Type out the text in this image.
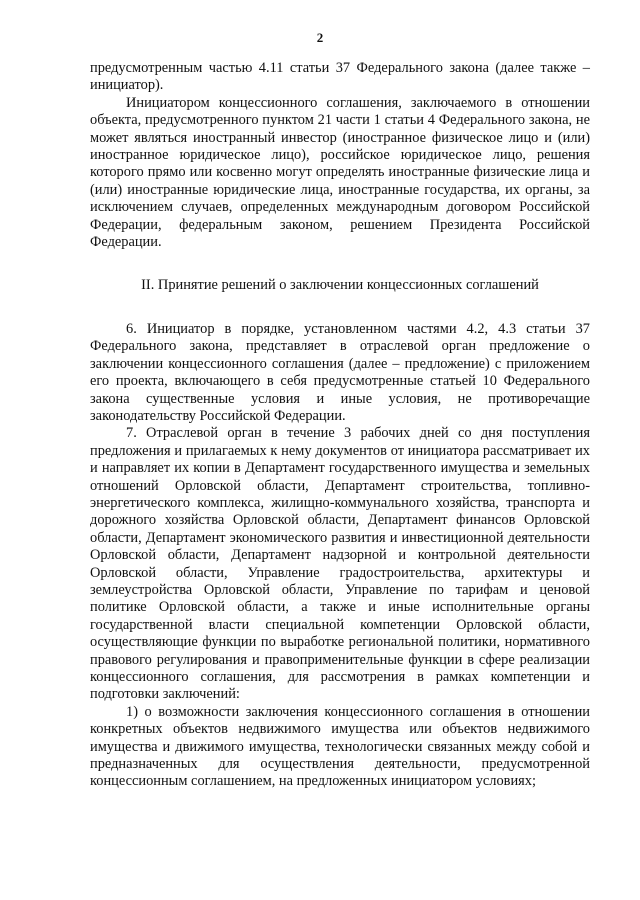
2

предусмотренным частью 4.11 статьи 37 Федерального закона (далее также – инициатор).

Инициатором концессионного соглашения, заключаемого в отношении объекта, предусмотренного пунктом 21 части 1 статьи 4 Федерального закона, не может являться иностранный инвестор (иностранное физическое лицо и (или) иностранное юридическое лицо), российское юридическое лицо, решения которого прямо или косвенно могут определять иностранные физические лица и (или) иностранные юридические лица, иностранные государства, их органы, за исключением случаев, определенных международным договором Российской Федерации, федеральным законом, решением Президента Российской Федерации.

II. Принятие решений о заключении концессионных соглашений

6. Инициатор в порядке, установленном частями 4.2, 4.3 статьи 37 Федерального закона, представляет в отраслевой орган предложение о заключении концессионного соглашения (далее – предложение) с приложением его проекта, включающего в себя предусмотренные статьей 10 Федерального закона существенные условия и иные условия, не противоречащие законодательству Российской Федерации.

7. Отраслевой орган в течение 3 рабочих дней со дня поступления предложения и прилагаемых к нему документов от инициатора рассматривает их и направляет их копии в Департамент государственного имущества и земельных отношений Орловской области, Департамент строительства, топливно-энергетического комплекса, жилищно-коммунального хозяйства, транспорта и дорожного хозяйства Орловской области, Департамент финансов Орловской области, Департамент экономического развития и инвестиционной деятельности Орловской области, Департамент надзорной и контрольной деятельности Орловской области, Управление градостроительства, архитектуры и землеустройства Орловской области, Управление по тарифам и ценовой политике Орловской области, а также и иные исполнительные органы государственной власти специальной компетенции Орловской области, осуществляющие функции по выработке региональной политики, нормативного правового регулирования и правоприменительные функции в сфере реализации концессионного соглашения, для рассмотрения в рамках компетенции и подготовки заключений:

1) о возможности заключения концессионного соглашения в отношении конкретных объектов недвижимого имущества или объектов недвижимого имущества и движимого имущества, технологически связанных между собой и предназначенных для осуществления деятельности, предусмотренной концессионным соглашением, на предложенных инициатором условиях;
